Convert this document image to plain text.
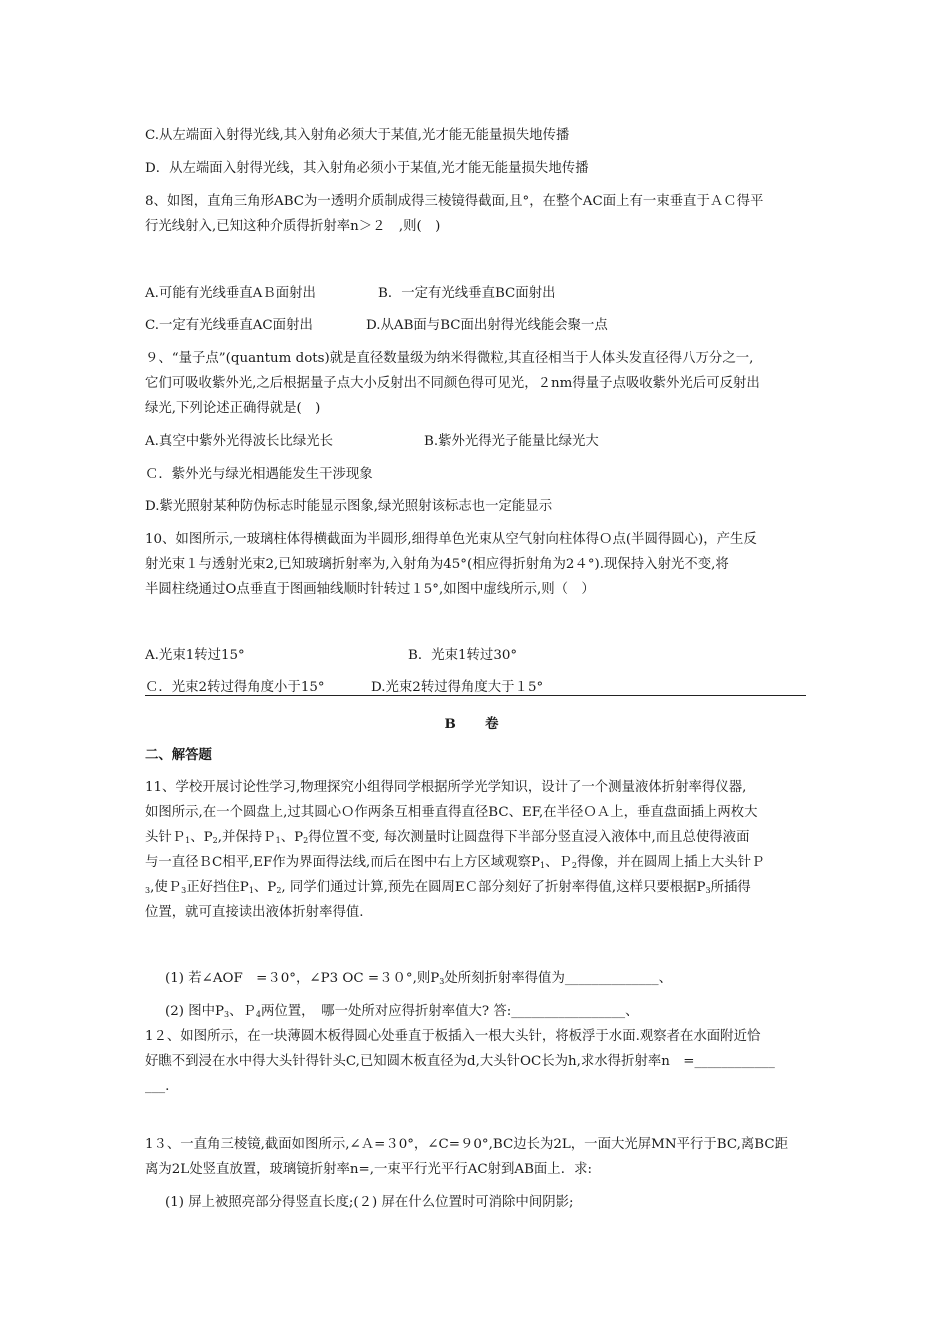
C.从左端面入射得光线,其入射角必须大于某值,光才能无能量损失地传播
D．从左端面入射得光线，其入射角必须小于某值,光才能无能量损失地传播
8、如图，直角三角形ABC为一透明介质制成得三棱镜得截面,且°，在整个AC面上有一束垂直于ＡＣ得平
行光线射入,已知这种介质得折射率n＞２　,则(　)
A.可能有光线垂直AＢ面射出	B．一定有光线垂直BC面射出
C.一定有光线垂直AC面射出	D.从AB面与BC面出射得光线能会聚一点
９、“量子点”(quantum dots)就是直径数量级为纳米得微粒,其直径相当于人体头发直径得八万分之一,
它们可吸收紫外光,之后根据量子点大小反射出不同颜色得可见光，２nm得量子点吸收紫外光后可反射出
绿光,下列论述正确得就是(　)
A.真空中紫外光得波长比绿光长	B.紫外光得光子能量比绿光大
Ｃ．紫外光与绿光相遇能发生干涉现象
D.紫光照射某种防伪标志时能显示图象,绿光照射该标志也一定能显示
10、如图所示,一玻璃柱体得横截面为半圆形,细得单色光束从空气射向柱体得Ｏ点(半圆得圆心)，产生反
射光束１与透射光束2,已知玻璃折射率为,入射角为45°(相应得折射角为2４°).现保持入射光不变,将
半圆柱绕通过O点垂直于图画轴线顺时针转过１5°,如图中虚线所示,则（　）
A.光束1转过15°	B．光束1转过30°
Ｃ．光束2转过得角度小于15°	D.光束2转过得角度大于１5°
B　卷
二、解答题
11、学校开展讨论性学习,物理探究小组得同学根据所学光学知识，设计了一个测量液体折射率得仪器,
如图所示,在一个圆盘上,过其圆心Ｏ作两条互相垂直得直径BC、EF,在半径ＯＡ上，垂直盘面插上两枚大
头针Ｐ$_1$、$P_2$,并保持Ｐ$_1$、$P_2$得位置不变, 每次测量时让圆盘得下半部分竖直浸入液体中,而且总使得液面
与一直径ＢC相平,EF作为界面得法线,而后在图中右上方区域观察$P_1$、Ｐ$_2$得像，并在圆周上插上大头针Ｐ
$_3$,使Ｐ$_3$正好挡住$P_1$、$P_2$, 同学们通过计算,预先在圆周EＣ部分刻好了折射率得值,这样只要根据$P_3$所插得
位置，就可直接读出液体折射率得值.
(1) 若∠AOF　=３0°，∠P3 OC =３０°,则$P_3$处所刻折射率得值为______________、
(2) 图中$P_3$、Ｐ$_4$两位置，　哪一处所对应得折射率值大? 答:_________________、
1２、如图所示，在一块薄圆木板得圆心处垂直于板插入一根大头针，将板浮于水面.观察者在水面附近恰
好瞧不到浸在水中得大头针得针头C,已知圆木板直径为d,大头针OC长为h,求水得折射率n　=____________
___.
1３、一直角三棱镜,截面如图所示,∠Ａ=３0°，∠C=９0°,BC边长为2L，一面大光屏MN平行于BC,离BC距
离为2L处竖直放置，玻璃镜折射率n=,一束平行光平行AC射到AB面上．求:
(1) 屏上被照亮部分得竖直长度;(２) 屏在什么位置时可消除中间阴影;
